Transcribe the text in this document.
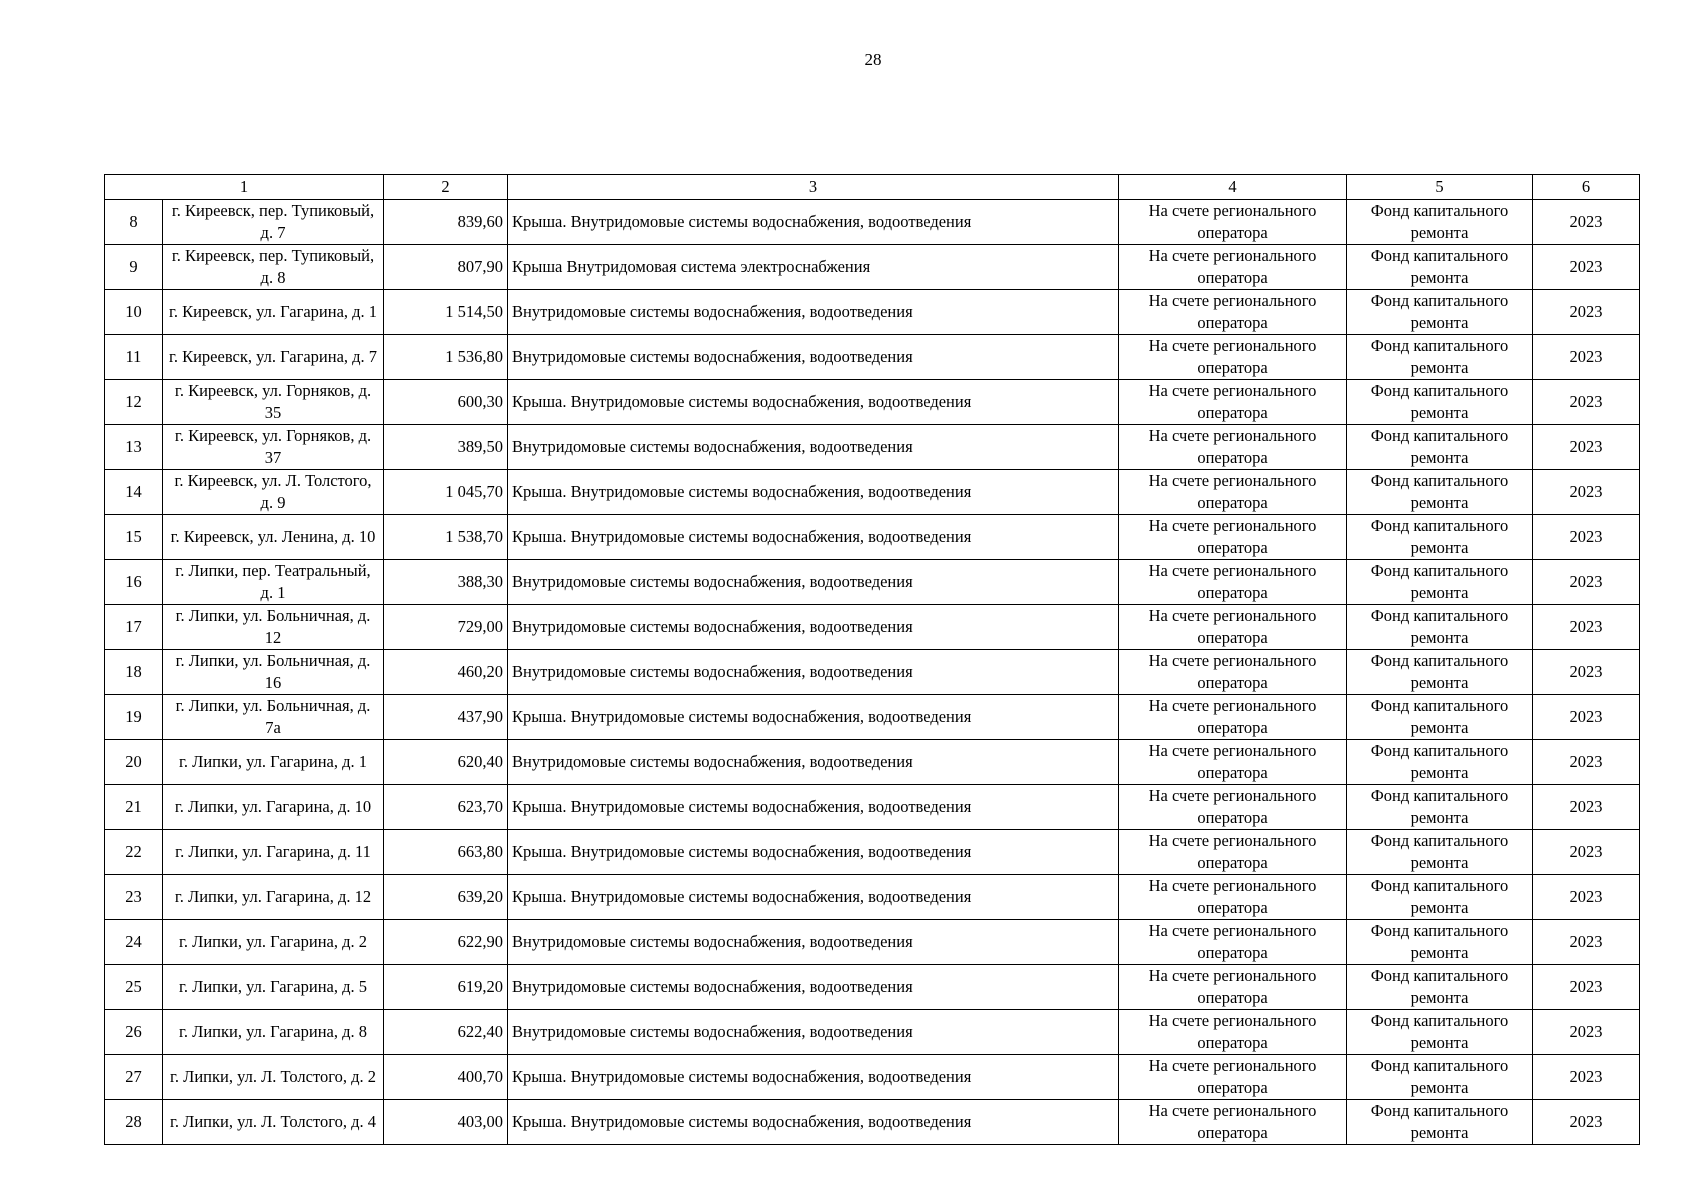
28
1		2	3	4	5	6
8	г. Киреевск, пер. Тупиковый, д. 7	839,60	Крыша. Внутридомовые системы водоснабжения, водоотведения	На счете регионального оператора	Фонд капитального ремонта	2023
9	г. Киреевск, пер. Тупиковый, д. 8	807,90	Крыша Внутридомовая система электроснабжения	На счете регионального оператора	Фонд капитального ремонта	2023
10	г. Киреевск, ул. Гагарина, д. 1	1 514,50	Внутридомовые системы водоснабжения, водоотведения	На счете регионального оператора	Фонд капитального ремонта	2023
11	г. Киреевск, ул. Гагарина, д. 7	1 536,80	Внутридомовые системы водоснабжения, водоотведения	На счете регионального оператора	Фонд капитального ремонта	2023
12	г. Киреевск, ул. Горняков, д. 35	600,30	Крыша. Внутридомовые системы водоснабжения, водоотведения	На счете регионального оператора	Фонд капитального ремонта	2023
13	г. Киреевск, ул. Горняков, д. 37	389,50	Внутридомовые системы водоснабжения, водоотведения	На счете регионального оператора	Фонд капитального ремонта	2023
14	г. Киреевск, ул. Л. Толстого, д. 9	1 045,70	Крыша. Внутридомовые системы водоснабжения, водоотведения	На счете регионального оператора	Фонд капитального ремонта	2023
15	г. Киреевск, ул. Ленина, д. 10	1 538,70	Крыша. Внутридомовые системы водоснабжения, водоотведения	На счете регионального оператора	Фонд капитального ремонта	2023
16	г. Липки, пер. Театральный, д. 1	388,30	Внутридомовые системы водоснабжения, водоотведения	На счете регионального оператора	Фонд капитального ремонта	2023
17	г. Липки, ул. Больничная, д. 12	729,00	Внутридомовые системы водоснабжения, водоотведения	На счете регионального оператора	Фонд капитального ремонта	2023
18	г. Липки, ул. Больничная, д. 16	460,20	Внутридомовые системы водоснабжения, водоотведения	На счете регионального оператора	Фонд капитального ремонта	2023
19	г. Липки, ул. Больничная, д. 7а	437,90	Крыша. Внутридомовые системы водоснабжения, водоотведения	На счете регионального оператора	Фонд капитального ремонта	2023
20	г. Липки, ул. Гагарина, д. 1	620,40	Внутридомовые системы водоснабжения, водоотведения	На счете регионального оператора	Фонд капитального ремонта	2023
21	г. Липки, ул. Гагарина, д. 10	623,70	Крыша. Внутридомовые системы водоснабжения, водоотведения	На счете регионального оператора	Фонд капитального ремонта	2023
22	г. Липки, ул. Гагарина, д. 11	663,80	Крыша. Внутридомовые системы водоснабжения, водоотведения	На счете регионального оператора	Фонд капитального ремонта	2023
23	г. Липки, ул. Гагарина, д. 12	639,20	Крыша. Внутридомовые системы водоснабжения, водоотведения	На счете регионального оператора	Фонд капитального ремонта	2023
24	г. Липки, ул. Гагарина, д. 2	622,90	Внутридомовые системы водоснабжения, водоотведения	На счете регионального оператора	Фонд капитального ремонта	2023
25	г. Липки, ул. Гагарина, д. 5	619,20	Внутридомовые системы водоснабжения, водоотведения	На счете регионального оператора	Фонд капитального ремонта	2023
26	г. Липки, ул. Гагарина, д. 8	622,40	Внутридомовые системы водоснабжения, водоотведения	На счете регионального оператора	Фонд капитального ремонта	2023
27	г. Липки, ул. Л. Толстого, д. 2	400,70	Крыша. Внутридомовые системы водоснабжения, водоотведения	На счете регионального оператора	Фонд капитального ремонта	2023
28	г. Липки, ул. Л. Толстого, д. 4	403,00	Крыша. Внутридомовые системы водоснабжения, водоотведения	На счете регионального оператора	Фонд капитального ремонта	2023
